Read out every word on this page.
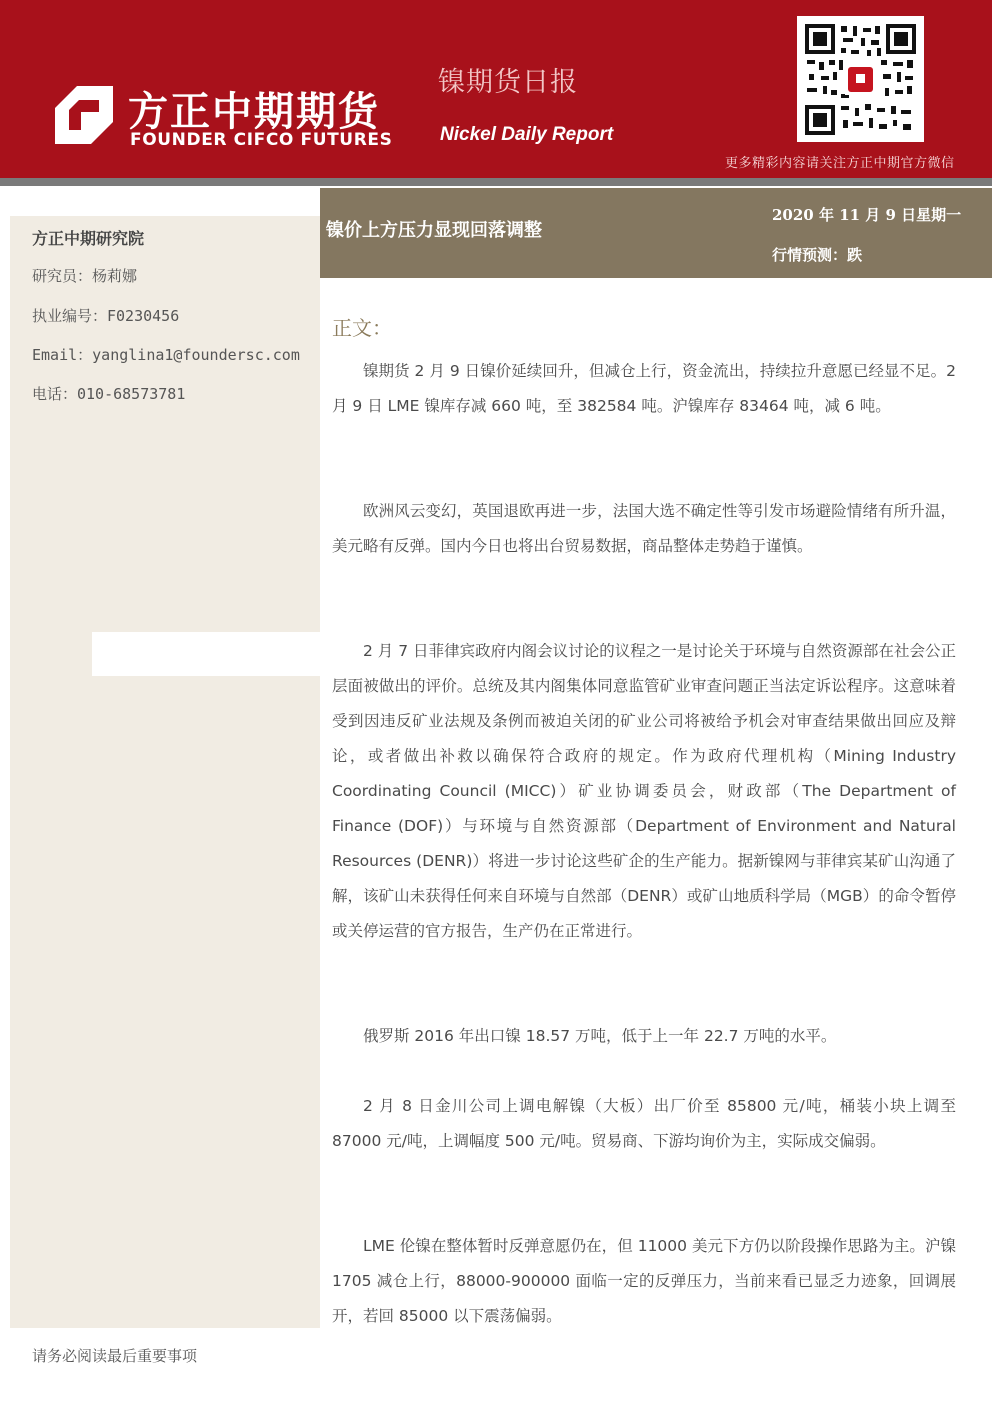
方正中期期货
FOUNDER CIFCO FUTURES
镍期货日报
Nickel Daily Report
更多精彩内容请关注方正中期官方微信
方正中期研究院
研究员：杨莉娜
执业编号：F0230456
Email：yanglina1@foundersc.com
电话：010-68573781
镍价上方压力显现回落调整
2020 年 11 月 9 日星期一
行情预测：跌
正文：

镍期货 2 月 9 日镍价延续回升，但减仓上行，资金流出，持续拉升意愿已经显不足。2 月 9 日 LME 镍库存减 660 吨，至 382584 吨。沪镍库存 83464 吨，减 6 吨。

欧洲风云变幻，英国退欧再进一步，法国大选不确定性等引发市场避险情绪有所升温，美元略有反弹。国内今日也将出台贸易数据，商品整体走势趋于谨慎。

2 月 7 日菲律宾政府内阁会议讨论的议程之一是讨论关于环境与自然资源部在社会公正层面被做出的评价。总统及其内阁集体同意监管矿业审查问题正当法定诉讼程序。这意味着受到因违反矿业法规及条例而被迫关闭的矿业公司将被给予机会对审查结果做出回应及辩论，或者做出补救以确保符合政府的规定。作为政府代理机构（Mining Industry Coordinating Council (MICC)）矿业协调委员会，财政部（The Department of Finance (DOF)）与环境与自然资源部（Department of Environment and Natural Resources (DENR)）将进一步讨论这些矿企的生产能力。据新镍网与菲律宾某矿山沟通了解，该矿山未获得任何来自环境与自然部（DENR）或矿山地质科学局（MGB）的命令暂停或关停运营的官方报告，生产仍在正常进行。

俄罗斯 2016 年出口镍 18.57 万吨，低于上一年 22.7 万吨的水平。

2 月 8 日金川公司上调电解镍（大板）出厂价至 85800 元/吨，桶装小块上调至 87000 元/吨，上调幅度 500 元/吨。贸易商、下游均询价为主，实际成交偏弱。

LME 伦镍在整体暂时反弹意愿仍在，但 11000 美元下方仍以阶段操作思路为主。沪镍 1705 减仓上行，88000-900000 面临一定的反弹压力，当前来看已显乏力迹象，回调展开，若回 85000 以下震荡偏弱。

请务必阅读最后重要事项
